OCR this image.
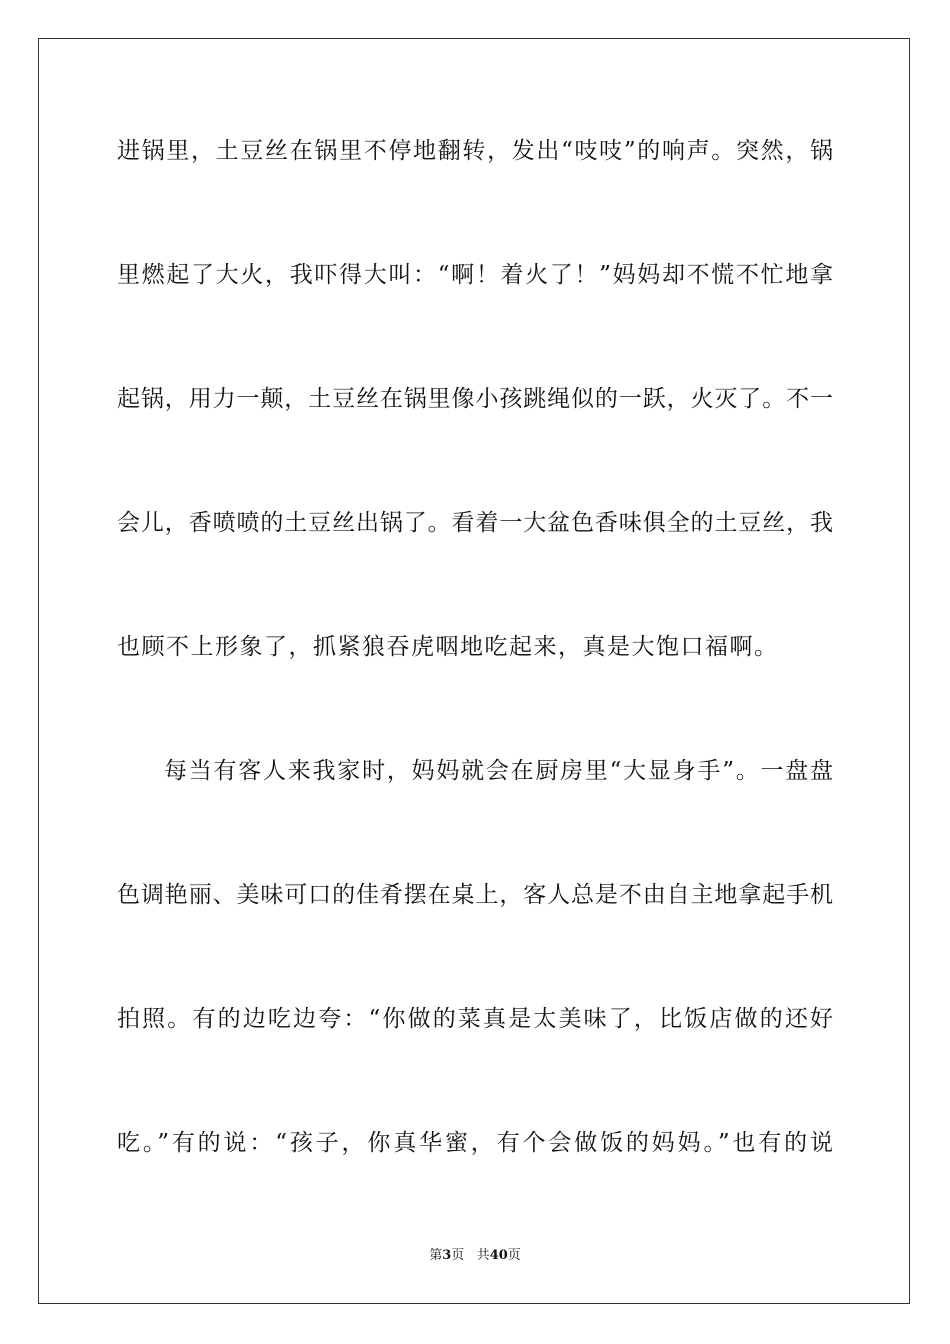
进锅里，土豆丝在锅里不停地翻转，发出“吱吱”的响声。突然，锅
里燃起了大火，我吓得大叫：“啊！着火了！”妈妈却不慌不忙地拿
起锅，用力一颠，土豆丝在锅里像小孩跳绳似的一跃，火灭了。不一
会儿，香喷喷的土豆丝出锅了。看着一大盆色香味俱全的土豆丝，我
也顾不上形象了，抓紧狼吞虎咽地吃起来，真是大饱口福啊。
每当有客人来我家时，妈妈就会在厨房里“大显身手”。一盘盘
色调艳丽、美味可口的佳肴摆在桌上，客人总是不由自主地拿起手机
拍照。有的边吃边夸：“你做的菜真是太美味了，比饭店做的还好
吃。”有的说：“孩子，你真华蜜，有个会做饭的妈妈。”也有的说
第3页 共40页
